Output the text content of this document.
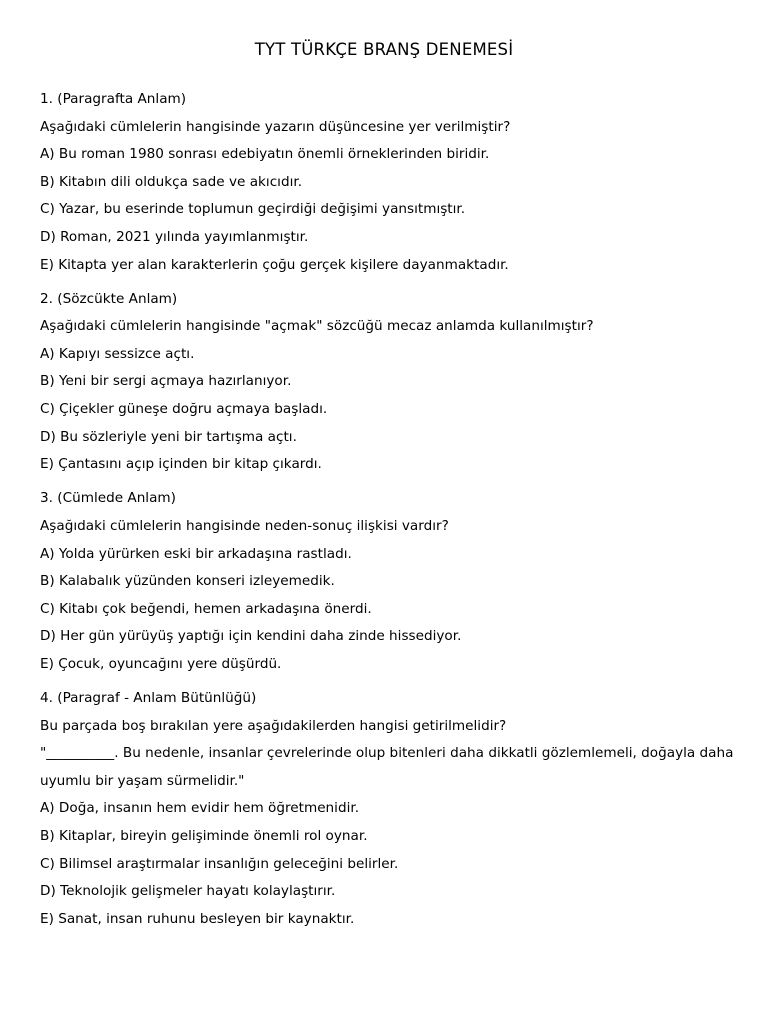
TYT TÜRKÇE BRANŞ DENEMESİ
1. (Paragrafta Anlam)
Aşağıdaki cümlelerin hangisinde yazarın düşüncesine yer verilmiştir?
A) Bu roman 1980 sonrası edebiyatın önemli örneklerinden biridir.
B) Kitabın dili oldukça sade ve akıcıdır.
C) Yazar, bu eserinde toplumun geçirdiği değişimi yansıtmıştır.
D) Roman, 2021 yılında yayımlanmıştır.
E) Kitapta yer alan karakterlerin çoğu gerçek kişilere dayanmaktadır.
2. (Sözcükte Anlam)
Aşağıdaki cümlelerin hangisinde "açmak" sözcüğü mecaz anlamda kullanılmıştır?
A) Kapıyı sessizce açtı.
B) Yeni bir sergi açmaya hazırlanıyor.
C) Çiçekler güneşe doğru açmaya başladı.
D) Bu sözleriyle yeni bir tartışma açtı.
E) Çantasını açıp içinden bir kitap çıkardı.
3. (Cümlede Anlam)
Aşağıdaki cümlelerin hangisinde neden-sonuç ilişkisi vardır?
A) Yolda yürürken eski bir arkadaşına rastladı.
B) Kalabalık yüzünden konseri izleyemedik.
C) Kitabı çok beğendi, hemen arkadaşına önerdi.
D) Her gün yürüyüş yaptığı için kendini daha zinde hissediyor.
E) Çocuk, oyuncağını yere düşürdü.
4. (Paragraf - Anlam Bütünlüğü)
Bu parçada boş bırakılan yere aşağıdakilerden hangisi getirilmelidir?
"__________. Bu nedenle, insanlar çevrelerinde olup bitenleri daha dikkatli gözlemlemeli, doğayla daha uyumlu bir yaşam sürmelidir."
A) Doğa, insanın hem evidir hem öğretmenidir.
B) Kitaplar, bireyin gelişiminde önemli rol oynar.
C) Bilimsel araştırmalar insanlığın geleceğini belirler.
D) Teknolojik gelişmeler hayatı kolaylaştırır.
E) Sanat, insan ruhunu besleyen bir kaynaktır.
